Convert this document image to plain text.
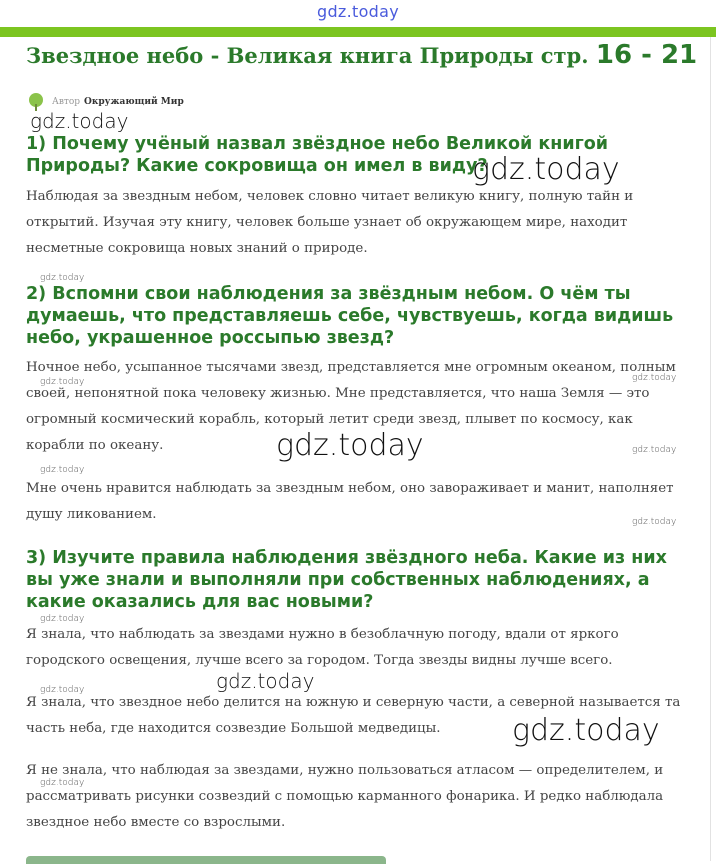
gdz.today
Звездное небо - Великая книга Природы стр. 16 - 21
Автор Окружающий Мир
1) Почему учёный назвал звёздное небо Великой книгой Природы? Какие сокровища он имел в виду?
Наблюдая за звездным небом, человек словно читает великую книгу, полную тайн и открытий. Изучая эту книгу, человек больше узнает об окружающем мире, находит несметные сокровища новых знаний о природе.
2) Вспомни свои наблюдения за звёздным небом. О чём ты думаешь, что представляешь себе, чувствуешь, когда видишь небо, украшенное россыпью звезд?
Ночное небо, усыпанное тысячами звезд, представляется мне огромным океаном, полным своей, непонятной пока человеку жизнью. Мне представляется, что наша Земля — это огромный космический корабль, который летит среди звезд, плывет по космосу, как корабли по океану.
Мне очень нравится наблюдать за звездным небом, оно завораживает и манит, наполняет душу ликованием.
3) Изучите правила наблюдения звёздного неба. Какие из них вы уже знали и выполняли при собственных наблюдениях, а какие оказались для вас новыми?
Я знала, что наблюдать за звездами нужно в безоблачную погоду, вдали от яркого городского освещения, лучше всего за городом. Тогда звезды видны лучше всего.
Я знала, что звездное небо делится на южную и северную части, а северной называется та часть неба, где находится созвездие Большой медведицы.
Я не знала, что наблюдая за звездами, нужно пользоваться атласом — определителем, и рассматривать рисунки созвездий с помощью карманного фонарика. И редко наблюдала звездное небо вместе со взрослыми.
gdz.today
gdz.today
gdz.today
gdz.today	gdz.today
gdz.today	gdz.today
gdz.today
gdz.today
gdz.today
gdz.today
gdz.today
gdz.today
gdz.today
